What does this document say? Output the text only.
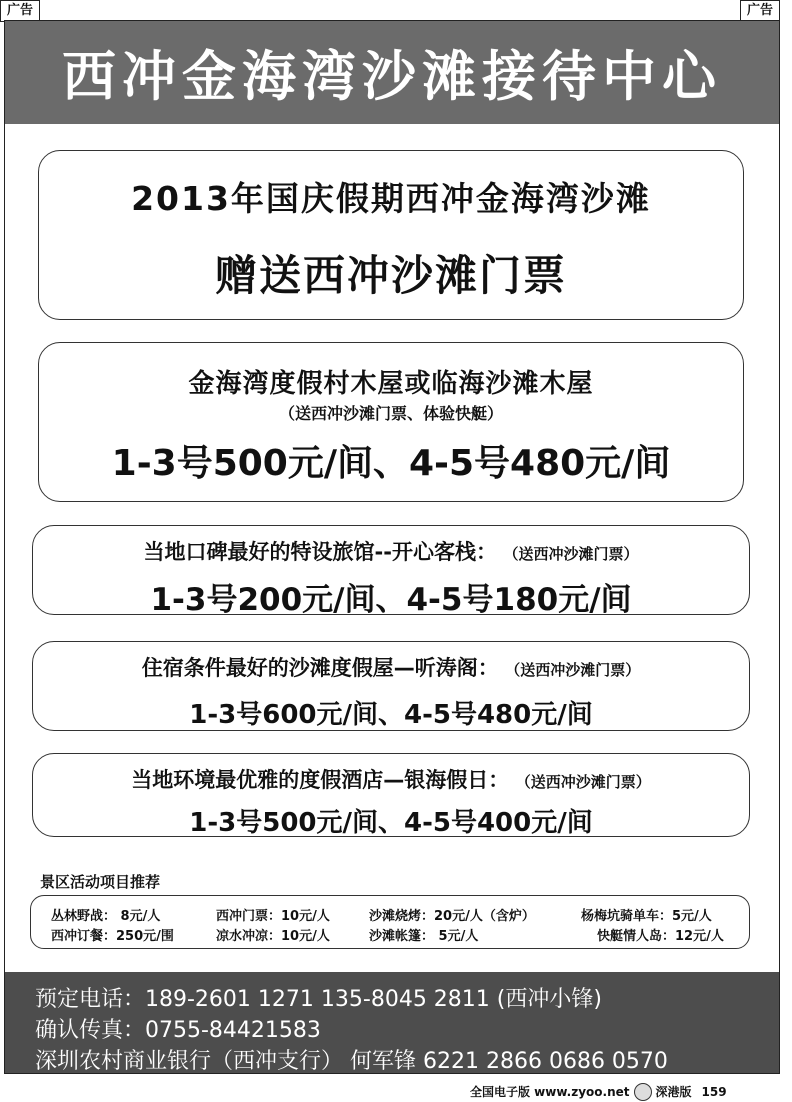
广告	广告
西冲金海湾沙滩接待中心
2013年国庆假期西冲金海湾沙滩
赠送西冲沙滩门票
金海湾度假村木屋或临海沙滩木屋
（送西冲沙滩门票、体验快艇）
1-3号500元/间、4-5号480元/间
当地口碑最好的特设旅馆--开心客栈： （送西冲沙滩门票）
1-3号200元/间、4-5号180元/间
住宿条件最好的沙滩度假屋—听涛阁： （送西冲沙滩门票）
1-3号600元/间、4-5号480元/间
当地环境最优雅的度假酒店—银海假日： （送西冲沙滩门票）
1-3号500元/间、4-5号400元/间
景区活动项目推荐
丛林野战： 8元/人	西冲门票：10元/人	沙滩烧烤：20元/人（含炉）	杨梅坑骑单车：5元/人
西冲订餐：250元/围	凉水冲凉：10元/人	沙滩帐篷： 5元/人	快艇情人岛：12元/人
预定电话：189-2601 1271 135-8045 2811 (西冲小锋)
确认传真：0755-84421583
深圳农村商业银行（西冲支行） 何军锋 6221 2866 0686 0570
全国电子版 www.zyoo.net 深港版 159
